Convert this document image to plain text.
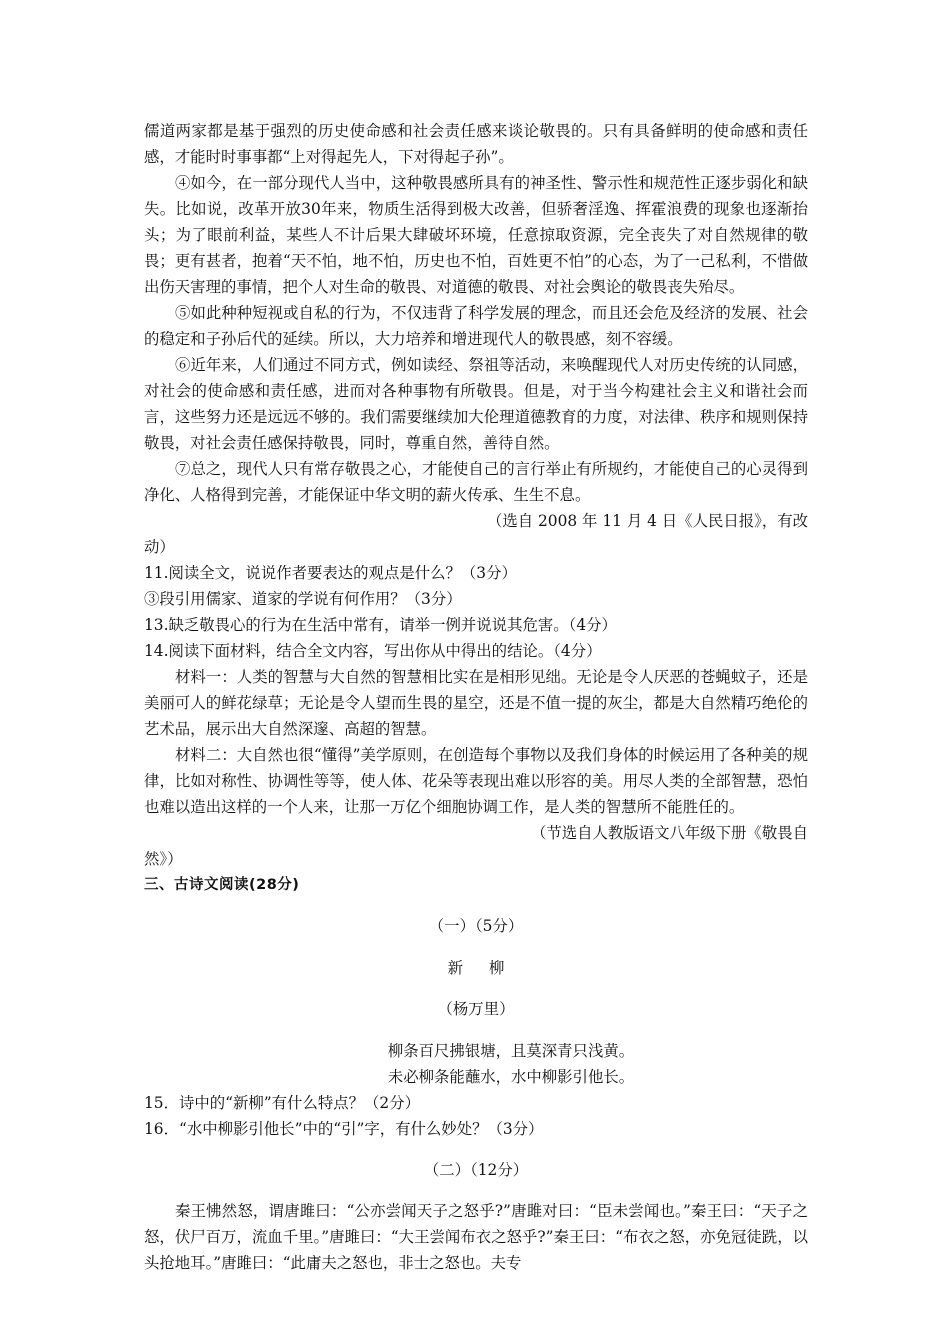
儒道两家都是基于强烈的历史使命感和社会责任感来谈论敬畏的。只有具备鲜明的使命感和责任感，才能时时事事都“上对得起先人，下对得起子孙”。

④如今，在一部分现代人当中，这种敬畏感所具有的神圣性、警示性和规范性正逐步弱化和缺失。比如说，改革开放30年来，物质生活得到极大改善，但骄奢淫逸、挥霍浪费的现象也逐渐抬头；为了眼前利益，某些人不计后果大肆破坏环境，任意掠取资源，完全丧失了对自然规律的敬畏；更有甚者，抱着“天不怕，地不怕，历史也不怕，百姓更不怕”的心态，为了一己私利，不惜做出伤天害理的事情，把个人对生命的敬畏、对道德的敬畏、对社会舆论的敬畏丧失殆尽。

⑤如此种种短视或自私的行为，不仅违背了科学发展的理念，而且还会危及经济的发展、社会的稳定和子孙后代的延续。所以，大力培养和增进现代人的敬畏感，刻不容缓。

⑥近年来，人们通过不同方式，例如读经、祭祖等活动，来唤醒现代人对历史传统的认同感，对社会的使命感和责任感，进而对各种事物有所敬畏。但是，对于当今构建社会主义和谐社会而言，这些努力还是远远不够的。我们需要继续加大伦理道德教育的力度，对法律、秩序和规则保持敬畏，对社会责任感保持敬畏，同时，尊重自然，善待自然。

⑦总之，现代人只有常存敬畏之心，才能使自己的言行举止有所规约，才能使自己的心灵得到净化、人格得到完善，才能保证中华文明的薪火传承、生生不息。

（选自 2008 年 11 月 4 日《人民日报》，有改

动）

11.阅读全文，说说作者要表达的观点是什么？（3分）

③段引用儒家、道家的学说有何作用？（3分）

13.缺乏敬畏心的行为在生活中常有，请举一例并说说其危害。（4分）

14.阅读下面材料，结合全文内容，写出你从中得出的结论。（4分）

材料一：人类的智慧与大自然的智慧相比实在是相形见绌。无论是令人厌恶的苍蝇蚊子，还是美丽可人的鲜花绿草；无论是令人望而生畏的星空，还是不值一提的灰尘，都是大自然精巧绝伦的艺术品，展示出大自然深邃、高超的智慧。

材料二：大自然也很“懂得”美学原则，在创造每个事物以及我们身体的时候运用了各种美的规律，比如对称性、协调性等等，使人体、花朵等表现出难以形容的美。用尽人类的全部智慧，恐怕也难以造出这样的一个人来，让那一万亿个细胞协调工作，是人类的智慧所不能胜任的。

（节选自人教版语文八年级下册《敬畏自

然》）

三、古诗文阅读(28分)

（一）（5分）

新 柳

（杨万里）

柳条百尺拂银塘，且莫深青只浅黄。

未必柳条能蘸水，水中柳影引他长。

15．诗中的“新柳”有什么特点？（2分）

16．“水中柳影引他长”中的“引”字，有什么妙处？（3分）

（二）（12分）

秦王怫然怒，谓唐雎曰：“公亦尝闻天子之怒乎?”唐雎对曰：“臣未尝闻也。”秦王曰：“天子之怒，伏尸百万，流血千里。”唐雎曰：“大王尝闻布衣之怒乎?”秦王曰：“布衣之怒，亦免冠徒跣，以头抢地耳。”唐雎曰：“此庸夫之怒也，非士之怒也。夫专
